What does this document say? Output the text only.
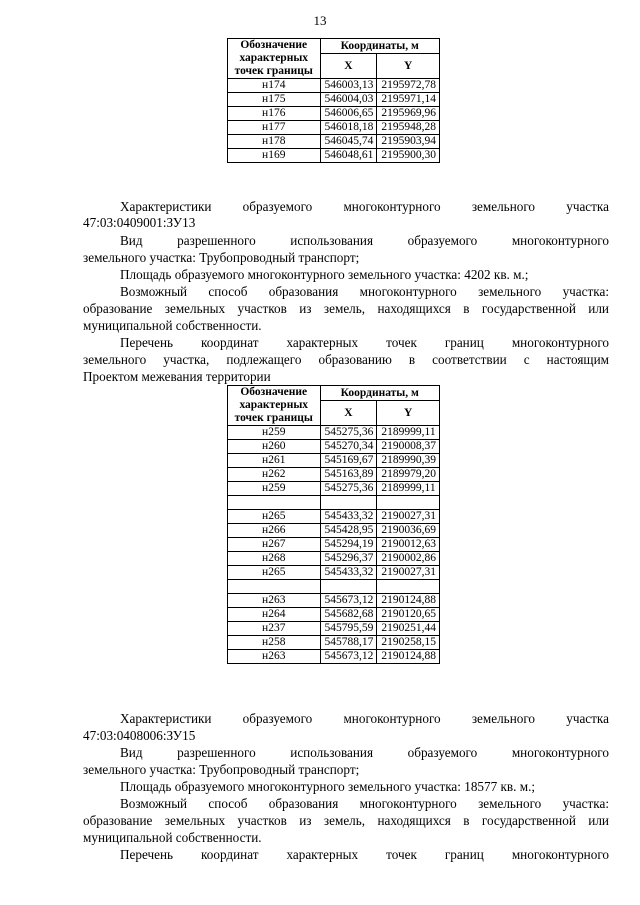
13
Обозначение характерных точек границы	Координаты, м	
	X	Y
н174	546003,13	2195972,78
н175	546004,03	2195971,14
н176	546006,65	2195969,96
н177	546018,18	2195948,28
н178	546045,74	2195903,94
н169	546048,61	2195900,30
Характеристики образуемого многоконтурного земельного участка
47:03:0409001:ЗУ13
Вид разрешенного использования образуемого многоконтурного
земельного участка: Трубопроводный транспорт;
Площадь образуемого многоконтурного земельного участка: 4202 кв. м.;
Возможный способ образования многоконтурного земельного участка:
образование земельных участков из земель, находящихся в государственной или
муниципальной собственности.
Перечень координат характерных точек границ многоконтурного
земельного участка, подлежащего образованию в соответствии с настоящим
Проектом межевания территории
Обозначение характерных точек границы	Координаты, м	
	X	Y
н259	545275,36	2189999,11
н260	545270,34	2190008,37
н261	545169,67	2189990,39
н262	545163,89	2189979,20
н259	545275,36	2189999,11

н265	545433,32	2190027,31
н266	545428,95	2190036,69
н267	545294,19	2190012,63
н268	545296,37	2190002,86
н265	545433,32	2190027,31

н263	545673,12	2190124,88
н264	545682,68	2190120,65
н237	545795,59	2190251,44
н258	545788,17	2190258,15
н263	545673,12	2190124,88
Характеристики образуемого многоконтурного земельного участка
47:03:0408006:ЗУ15
Вид разрешенного использования образуемого многоконтурного
земельного участка: Трубопроводный транспорт;
Площадь образуемого многоконтурного земельного участка: 18577 кв. м.;
Возможный способ образования многоконтурного земельного участка:
образование земельных участков из земель, находящихся в государственной или
муниципальной собственности.
Перечень координат характерных точек границ многоконтурного
